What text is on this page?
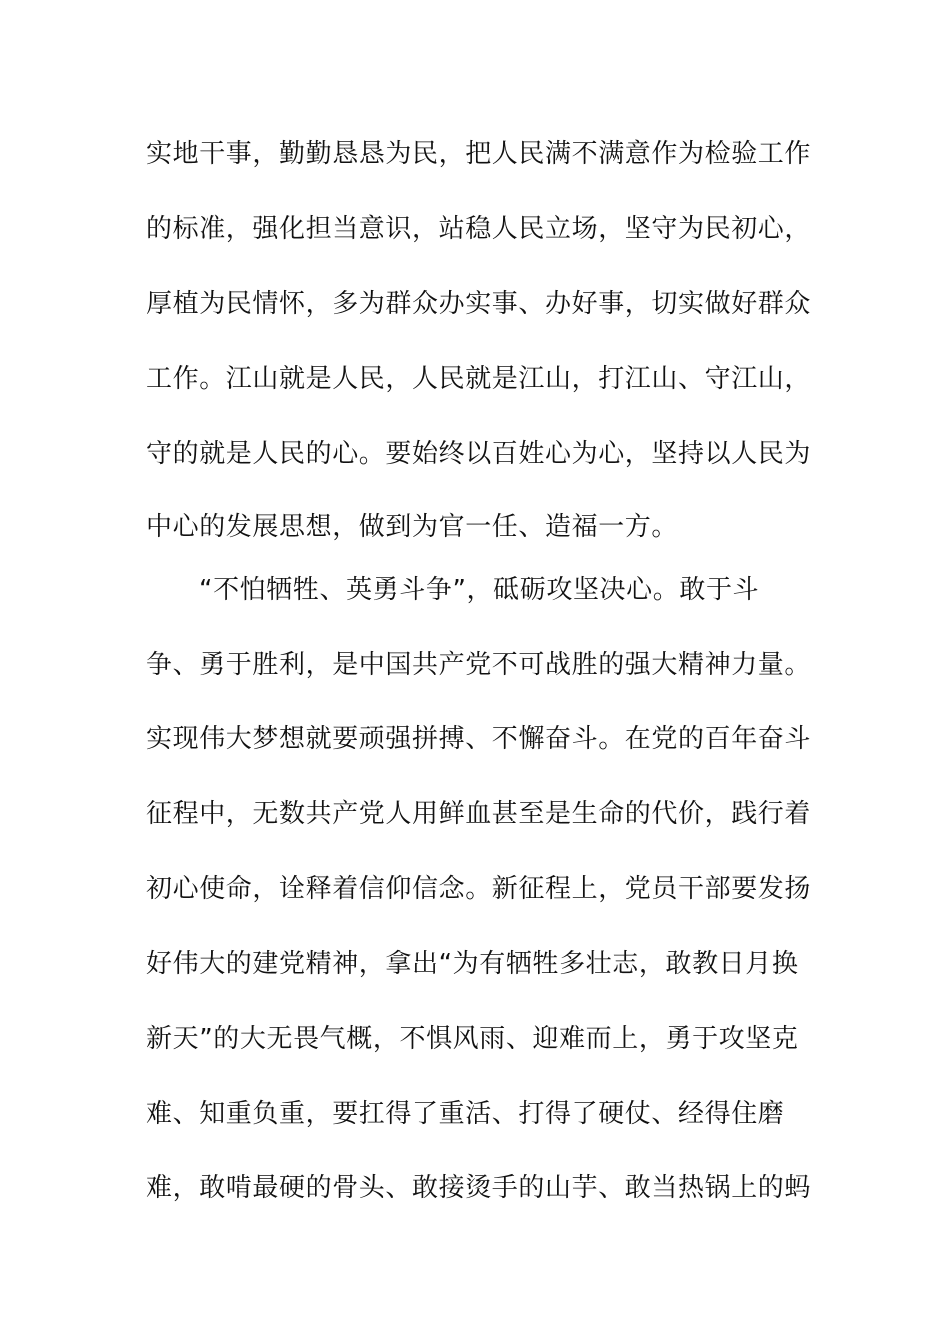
实地干事，勤勤恳恳为民，把人民满不满意作为检验工作
的标准，强化担当意识，站稳人民立场，坚守为民初心，
厚植为民情怀，多为群众办实事、办好事，切实做好群众
工作。江山就是人民，人民就是江山，打江山、守江山，
守的就是人民的心。要始终以百姓心为心，坚持以人民为
中心的发展思想，做到为官一任、造福一方。
“不怕牺牲、英勇斗争”，砥砺攻坚决心。敢于斗
争、勇于胜利，是中国共产党不可战胜的强大精神力量。
实现伟大梦想就要顽强拼搏、不懈奋斗。在党的百年奋斗
征程中，无数共产党人用鲜血甚至是生命的代价，践行着
初心使命，诠释着信仰信念。新征程上，党员干部要发扬
好伟大的建党精神，拿出“为有牺牲多壮志，敢教日月换
新天”的大无畏气概，不惧风雨、迎难而上，勇于攻坚克
难、知重负重，要扛得了重活、打得了硬仗、经得住磨
难，敢啃最硬的骨头、敢接烫手的山芋、敢当热锅上的蚂
